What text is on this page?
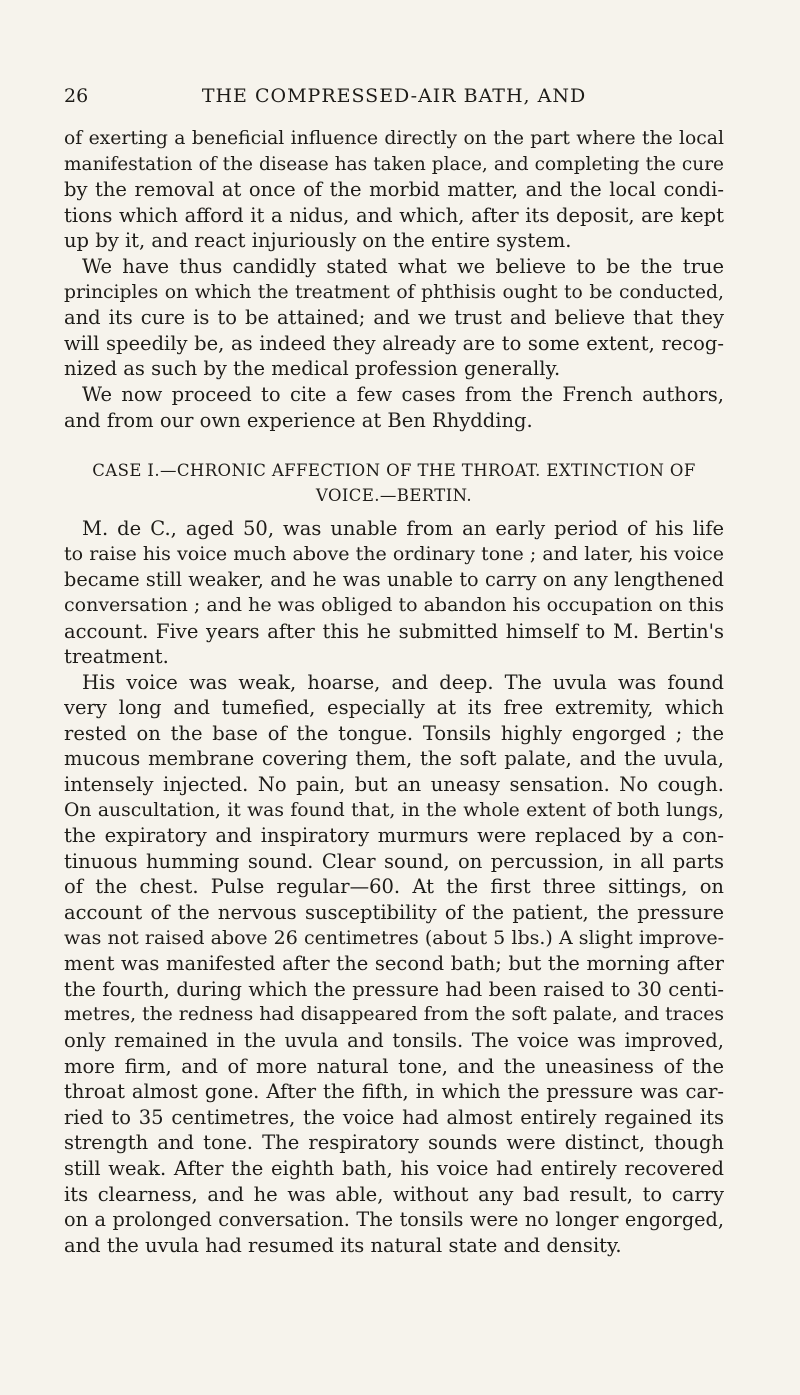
26	THE COMPRESSED-AIR BATH, AND
of exerting a beneficial influence directly on the part where the local
manifestation of the disease has taken place, and completing the cure
by the removal at once of the morbid matter, and the local condi-
tions which afford it a nidus, and which, after its deposit, are kept
up by it, and react injuriously on the entire system.
We have thus candidly stated what we believe to be the true
principles on which the treatment of phthisis ought to be conducted,
and its cure is to be attained; and we trust and believe that they
will speedily be, as indeed they already are to some extent, recog-
nized as such by the medical profession generally.
We now proceed to cite a few cases from the French authors,
and from our own experience at Ben Rhydding.
CASE I.—CHRONIC AFFECTION OF THE THROAT. EXTINCTION OF
VOICE.—BERTIN.
M. de C., aged 50, was unable from an early period of his life
to raise his voice much above the ordinary tone ; and later, his voice
became still weaker, and he was unable to carry on any lengthened
conversation ; and he was obliged to abandon his occupation on this
account. Five years after this he submitted himself to M. Bertin's
treatment.
His voice was weak, hoarse, and deep. The uvula was found
very long and tumefied, especially at its free extremity, which
rested on the base of the tongue. Tonsils highly engorged ; the
mucous membrane covering them, the soft palate, and the uvula,
intensely injected. No pain, but an uneasy sensation. No cough.
On auscultation, it was found that, in the whole extent of both lungs,
the expiratory and inspiratory murmurs were replaced by a con-
tinuous humming sound. Clear sound, on percussion, in all parts
of the chest. Pulse regular—60. At the first three sittings, on
account of the nervous susceptibility of the patient, the pressure
was not raised above 26 centimetres (about 5 lbs.) A slight improve-
ment was manifested after the second bath; but the morning after
the fourth, during which the pressure had been raised to 30 centi-
metres, the redness had disappeared from the soft palate, and traces
only remained in the uvula and tonsils. The voice was improved,
more firm, and of more natural tone, and the uneasiness of the
throat almost gone. After the fifth, in which the pressure was car-
ried to 35 centimetres, the voice had almost entirely regained its
strength and tone. The respiratory sounds were distinct, though
still weak. After the eighth bath, his voice had entirely recovered
its clearness, and he was able, without any bad result, to carry
on a prolonged conversation. The tonsils were no longer engorged,
and the uvula had resumed its natural state and density.
